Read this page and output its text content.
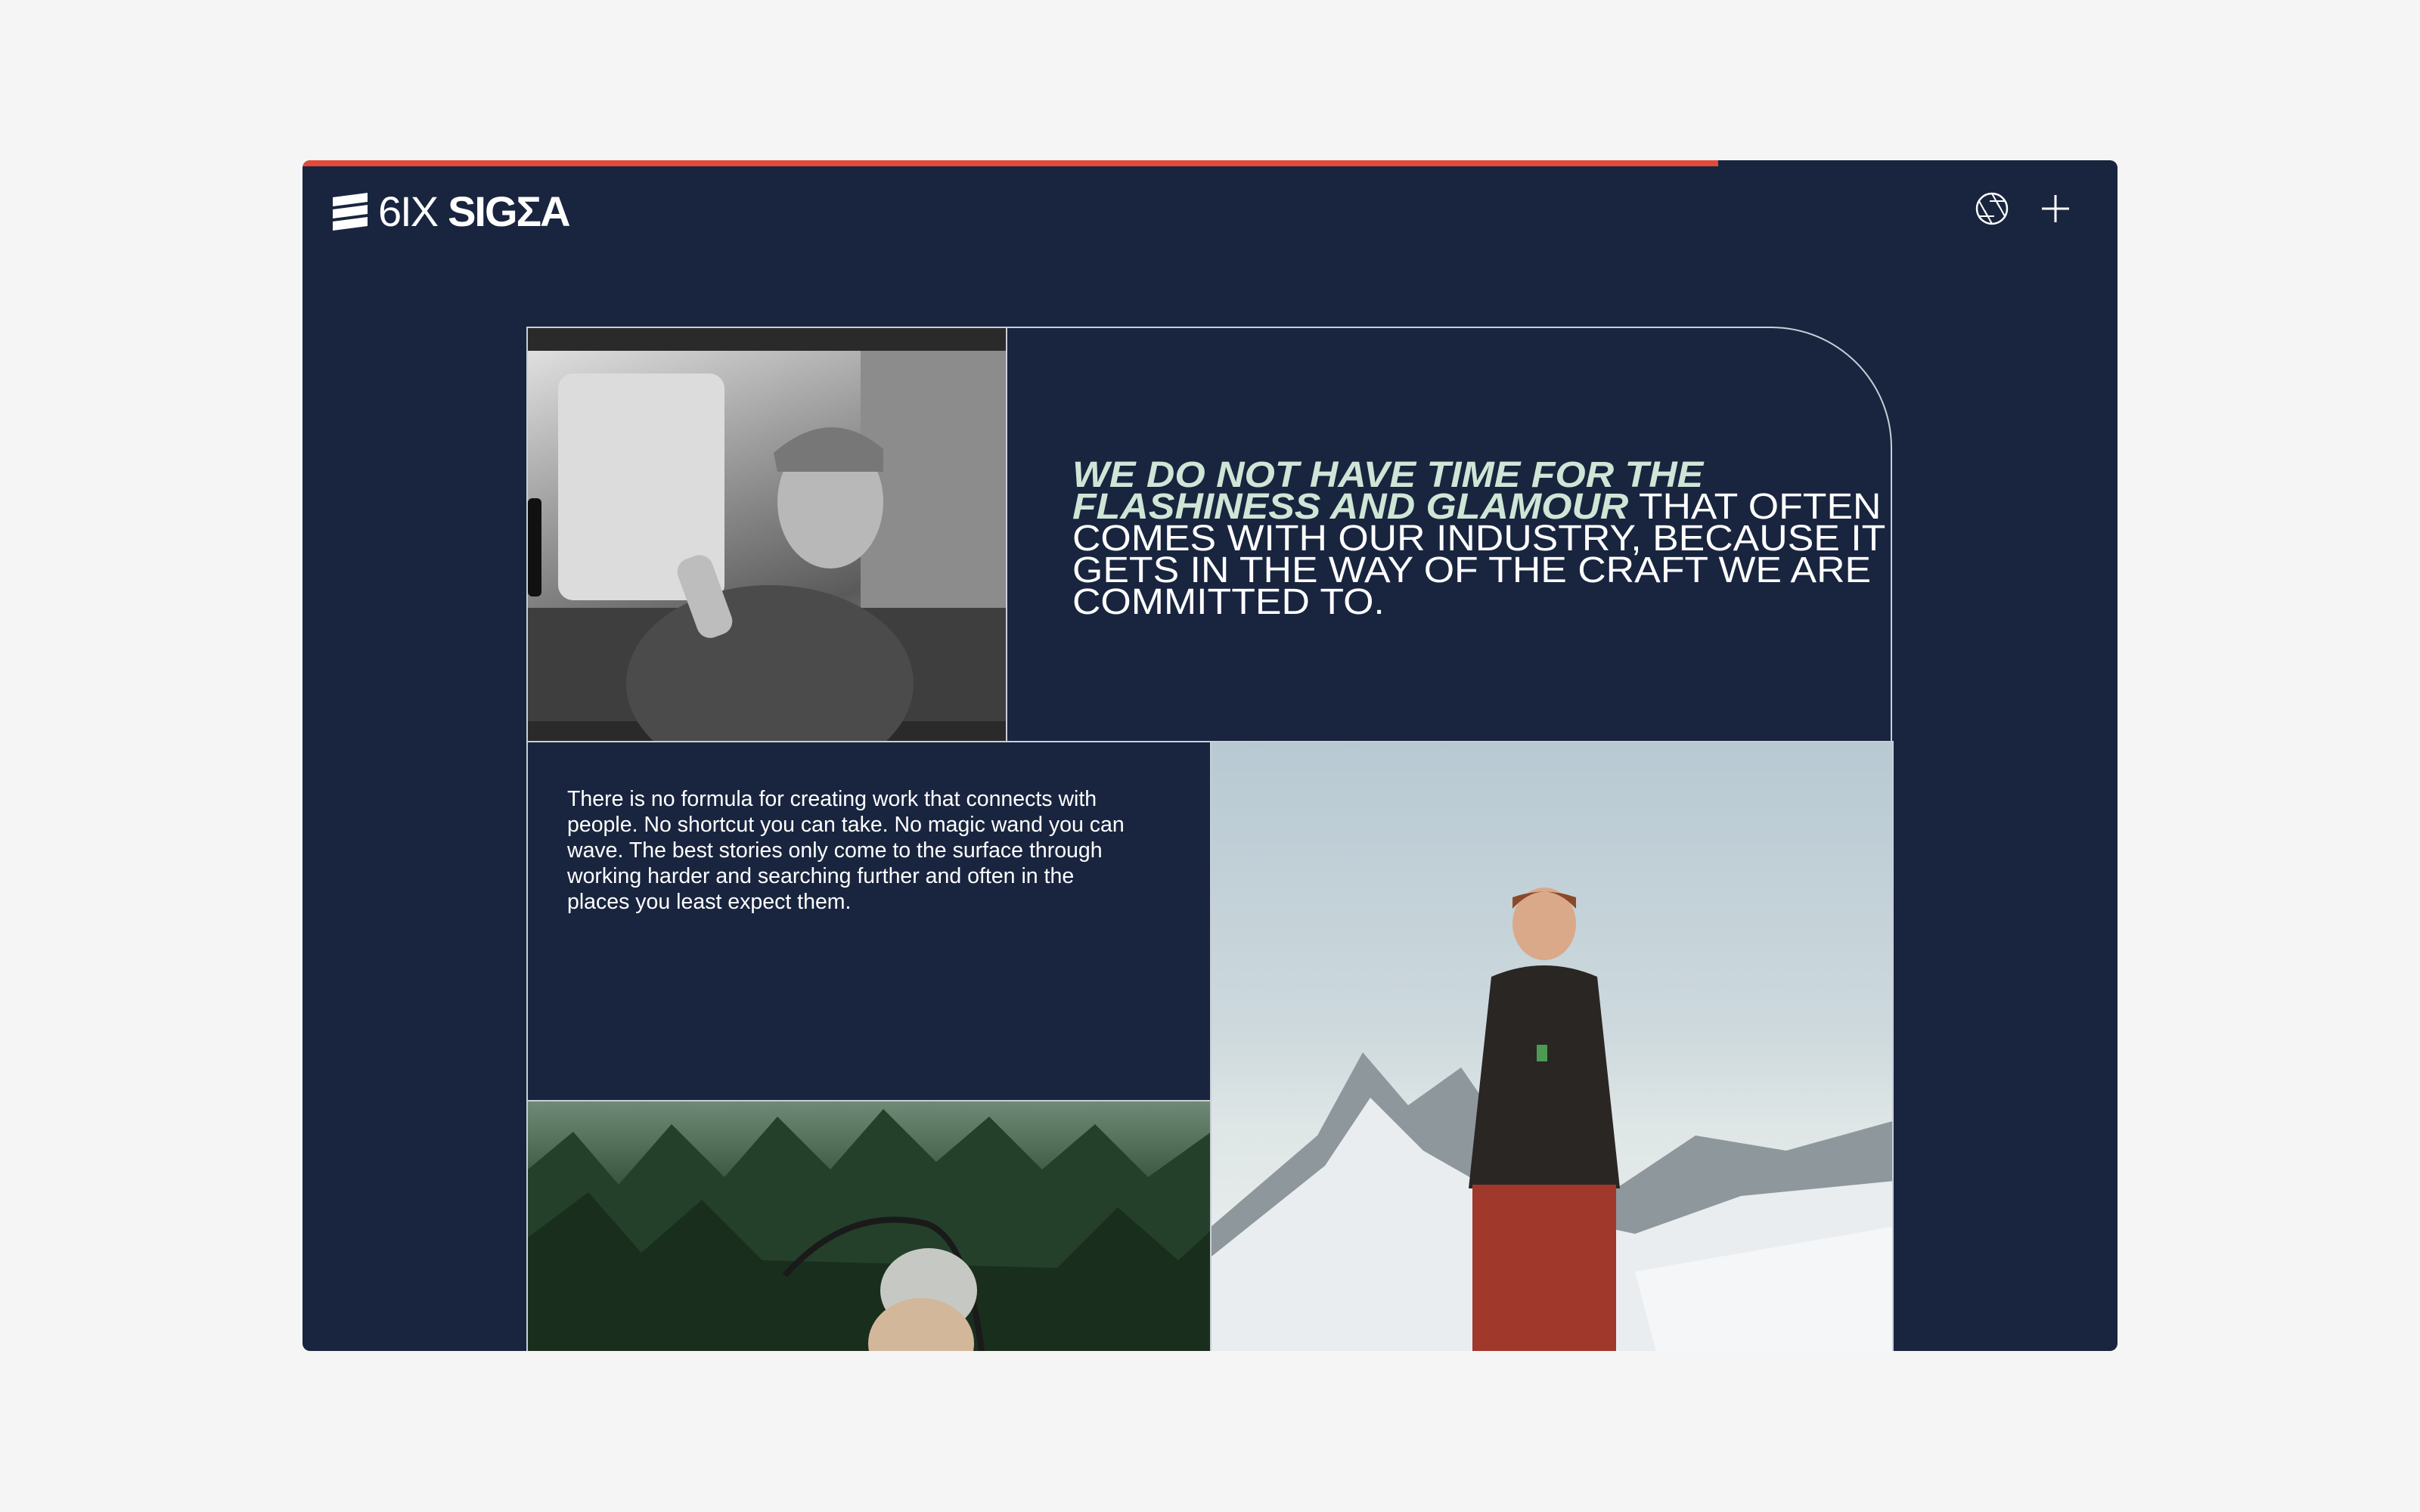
6IX SIGΣA
WE DO NOT HAVE TIME FOR THE FLASHINESS AND GLAMOUR THAT OFTEN COMES WITH OUR INDUSTRY, BECAUSE IT GETS IN THE WAY OF THE CRAFT WE ARE COMMITTED TO.
There is no formula for creating work that connects with people. No shortcut you can take. No magic wand you can wave. The best stories only come to the surface through working harder and searching further and often in the places you least expect them.
